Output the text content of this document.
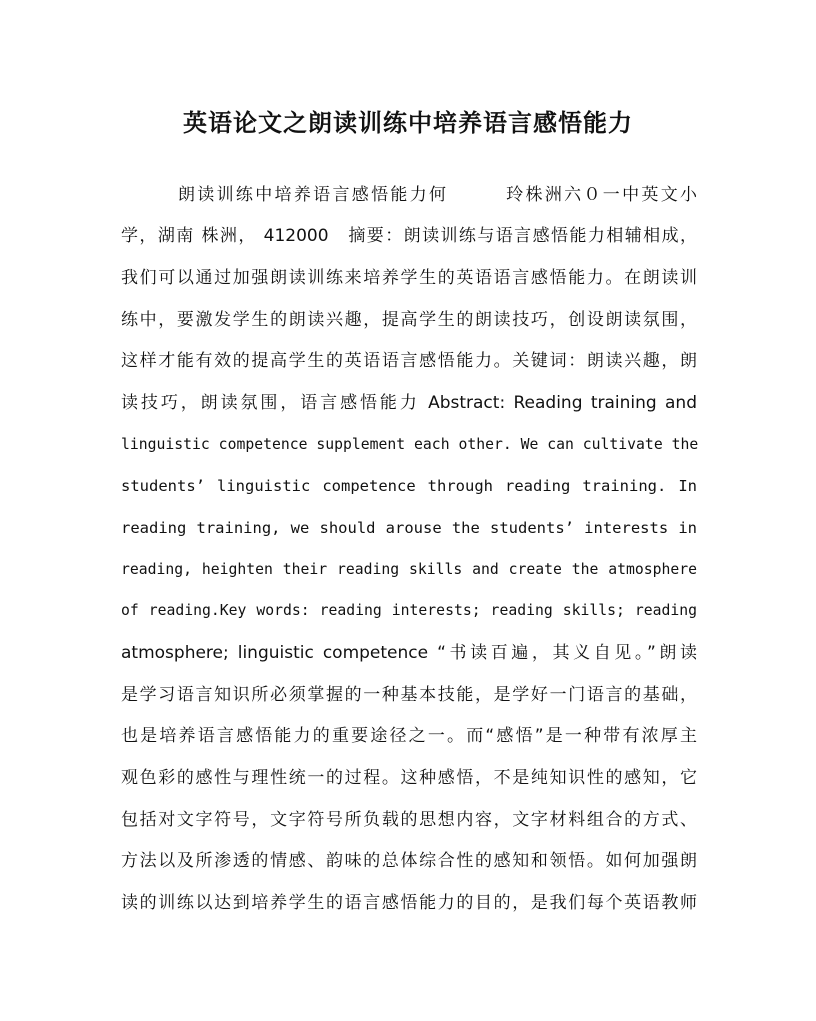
英语论文之朗读训练中培养语言感悟能力
朗读训练中培养语言感悟能力何　　　玲株洲六０一中英文小
学，湖南 株洲， 412000　摘要：朗读训练与语言感悟能力相辅相成，
我们可以通过加强朗读训练来培养学生的英语语言感悟能力。在朗读训
练中，要激发学生的朗读兴趣，提高学生的朗读技巧，创设朗读氛围，
这样才能有效的提高学生的英语语言感悟能力。关键词：朗读兴趣，朗
读技巧，朗读氛围，语言感悟能力 Abstract: Reading training and
linguistic competence supplement each other. We can cultivate the
students’ linguistic competence through reading training. In
reading training, we should arouse the students’ interests in
reading, heighten their reading skills and create the atmosphere
of reading.Key words: reading interests; reading skills; reading
atmosphere; linguistic competence “书读百遍，其义自见。”朗读
是学习语言知识所必须掌握的一种基本技能，是学好一门语言的基础，
也是培养语言感悟能力的重要途径之一。而“感悟”是一种带有浓厚主
观色彩的感性与理性统一的过程。这种感悟，不是纯知识性的感知，它
包括对文字符号，文字符号所负载的思想内容，文字材料组合的方式、
方法以及所渗透的情感、韵味的总体综合性的感知和领悟。如何加强朗
读的训练以达到培养学生的语言感悟能力的目的，是我们每个英语教师
